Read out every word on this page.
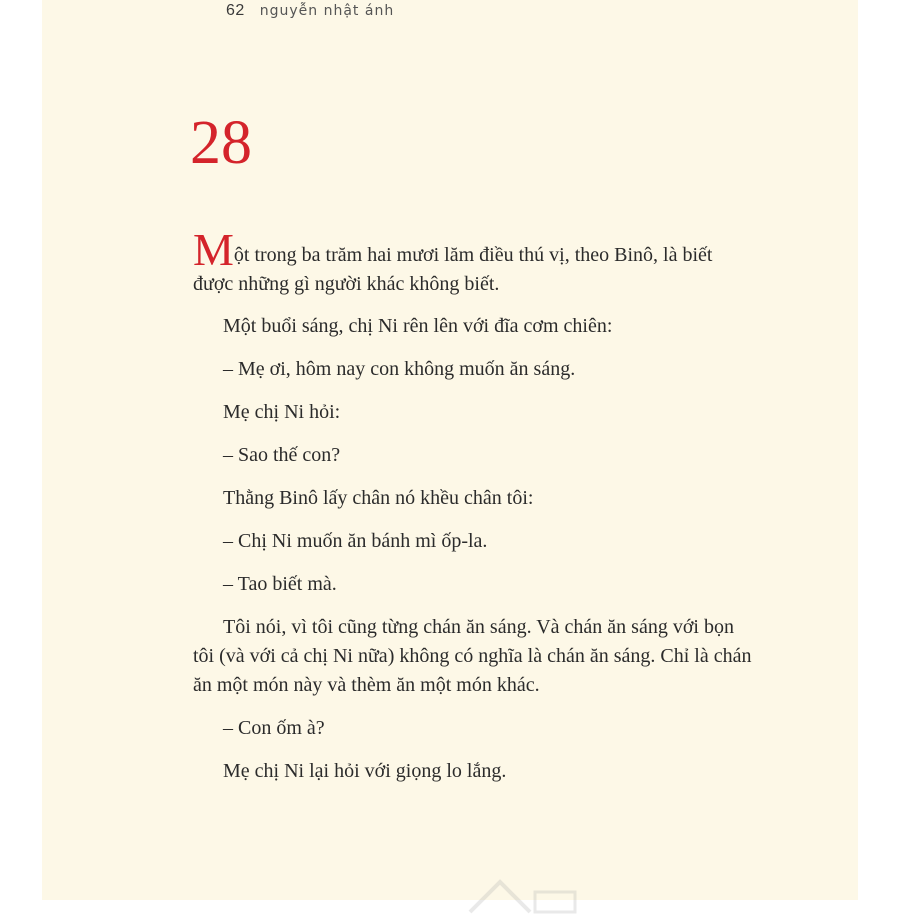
62 nguyễn nhật ánh
28

Một trong ba trăm hai mươi lăm điều thú vị, theo Binô, là biết được những gì người khác không biết.

Một buổi sáng, chị Ni rên lên với đĩa cơm chiên:

– Mẹ ơi, hôm nay con không muốn ăn sáng.

Mẹ chị Ni hỏi:

– Sao thế con?

Thằng Binô lấy chân nó khều chân tôi:

– Chị Ni muốn ăn bánh mì ốp-la.

– Tao biết mà.

Tôi nói, vì tôi cũng từng chán ăn sáng. Và chán ăn sáng với bọn tôi (và với cả chị Ni nữa) không có nghĩa là chán ăn sáng. Chỉ là chán ăn một món này và thèm ăn một món khác.

– Con ốm à?

Mẹ chị Ni lại hỏi với giọng lo lắng.
